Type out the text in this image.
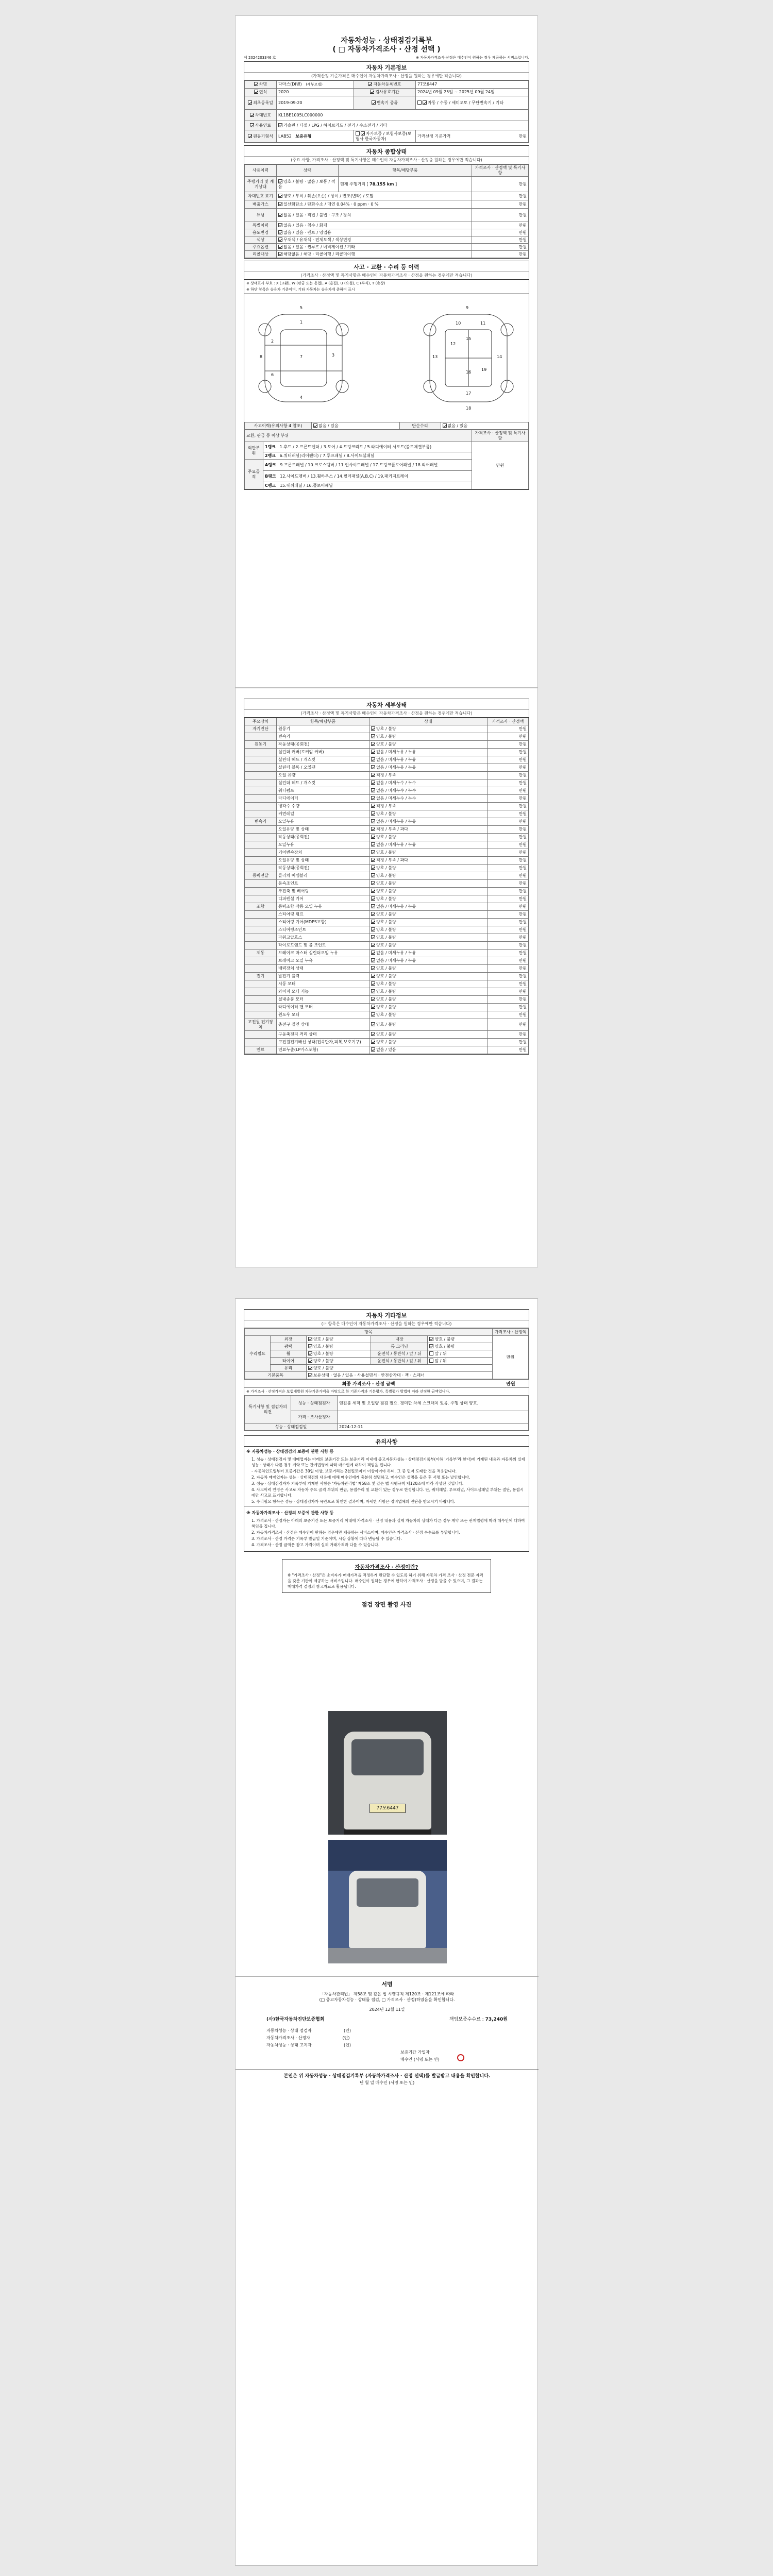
자동차성능 · 상태점검기록부
( □ 자동차가격조사 · 산정 선택 )
제 2024203346 호	※ 자동차가격조사·산정은 매수인이 원하는 경우 제공하는 서비스입니다.
자동차 기본정보
(가격산정 기준가격은 매수인이 자동차가격조사 · 산정을 원하는 경우에만 적습니다)
차명	다마스(DI밴) (세부모델)	자동차등록번호	77모6447
연식	2020	검사유효기간	2024년 09월 25일 ~ 2025년 09월 24일
최초등록일	2019-09-20	변속기 종류	자동 / 수동 / 세미오토 / 무단변속기 / 기타
차대번호	KL1BE1005LC000000		
사용연료	가솔린 / 디젤 / LPG / 하이브리드 / 전기 / 수소전기 / 기타		
원동기형식	LAB52 보증유형	자가보증 / 보험사보증(보험사 한국자동차)	가격산정 기준가격 만원
자동차 종합상태
(주요 사항, 가격조사 · 산정액 및 특기사항은 매수인이 자동차가격조사 · 산정을 원하는 경우에만 적습니다)
사용이력	상태	항목/해당부품	가격조사 · 산정액 및 특기사항
주행거리 및 계기상태	양호 / 불량 · 많음 / 보통 / 적음	현재 주행거리 [ 78,155 km ]	만원
차대번호 표기	양호 / 부식 / 훼손(오손) / 상이 / 변조(변타) / 도말		만원
배출가스	일산화탄소 / 탄화수소 / 매연 0.04% · 0 ppm · 0 %		만원
튜닝	없음 / 있음 · 적법 / 불법 · 구조 / 장치		만원
특별이력	없음 / 있음 · 침수 / 화재		만원
용도변경	없음 / 있음 · 렌트 / 영업용		만원
색상	무채색 / 유채색 · 전체도색 / 색상변경		만원
주요옵션	없음 / 있음 · 썬루프 / 네비게이션 / 기타		만원
리콜대상	해당없음 / 해당 · 리콜이행 / 리콜미이행		만원
사고 · 교환 · 수리 등 이력
(가격조사 · 산정액 및 특기사항은 매수인이 자동차가격조사 · 산정을 원하는 경우에만 적습니다)
※ 상태표시 부호 : X (교환), W (판금 또는 용접), A (흠집), U (요철), C (부식), T (손상)
※ 하단 항목은 승용차 기준이며, 기타 자동차는 승용차에 준하여 표시
1
2
3
4
5
6
7
8
9
10	11
12
13	14
15
16
17
18
19
사고이력(유의사항 4 참조)	없음 / 있음	단순수리	없음 / 있음
교환, 판금 등 이상 부위		가격조사 · 산정액 및 특기사항
외판부위	1랭크 1.후드 / 2.프론트펜더 / 3.도어 / 4.트렁크리드 / 5.라디에이터 서포트(볼트체결부품)	만원
	2랭크 6.쿼터패널(리어펜더) / 7.루프패널 / 8.사이드실패널	
주요골격	A랭크 9.프론트패널 / 10.크로스멤버 / 11.인사이드패널 / 17.트렁크플로어패널 / 18.리어패널	
	B랭크 12.사이드멤버 / 13.휠하우스 / 14.필러패널(A,B,C) / 19.패키지트레이	
	C랭크 15.대쉬패널 / 16.플로어패널	
자동차 세부상태
(가격조사 · 산정액 및 특기사항은 매수인이 자동차가격조사 · 산정을 원하는 경우에만 적습니다)
주요장치	항목/해당부품	상태	가격조사 · 산정액
자기진단	원동기	양호 / 불량	만원
	변속기	양호 / 불량	만원
원동기	작동상태(공회전)	양호 / 불량	만원
	실린더 커버(로커암 커버)	없음 / 미세누유 / 누유	만원
	실린더 헤드 / 개스킷	없음 / 미세누유 / 누유	만원
	실린더 블록 / 오일팬	없음 / 미세누유 / 누유	만원
	오일 유량	적정 / 부족	만원
	실린더 헤드 / 개스킷	없음 / 미세누수 / 누수	만원
	워터펌프	없음 / 미세누수 / 누수	만원
	라디에이터	없음 / 미세누수 / 누수	만원
	냉각수 수량	적정 / 부족	만원
	커먼레일	양호 / 불량	만원
변속기	오일누유	없음 / 미세누유 / 누유	만원
	오일유량 및 상태	적정 / 부족 / 과다	만원
	작동상태(공회전)	양호 / 불량	만원
	오일누유	없음 / 미세누유 / 누유	만원
	기어변속장치	양호 / 불량	만원
	오일유량 및 상태	적정 / 부족 / 과다	만원
	작동상태(공회전)	양호 / 불량	만원
동력전달	클러치 어셈블리	양호 / 불량	만원
	등속조인트	양호 / 불량	만원
	추진축 및 베어링	양호 / 불량	만원
	디퍼렌셜 기어	양호 / 불량	만원
조향	동력조향 작동 오일 누유	없음 / 미세누유 / 누유	만원
	스티어링 펌프	양호 / 불량	만원
	스티어링 기어(MDPS포함)	양호 / 불량	만원
	스티어링조인트	양호 / 불량	만원
	파워고압호스	양호 / 불량	만원
	타이로드엔드 및 볼 조인트	양호 / 불량	만원
제동	브레이크 마스터 실린더오일 누유	없음 / 미세누유 / 누유	만원
	브레이크 오일 누유	없음 / 미세누유 / 누유	만원
	배력장치 상태	양호 / 불량	만원
전기	발전기 출력	양호 / 불량	만원
	시동 모터	양호 / 불량	만원
	와이퍼 모터 기능	양호 / 불량	만원
	실내송풍 모터	양호 / 불량	만원
	라디에이터 팬 모터	양호 / 불량	만원
	윈도우 모터	양호 / 불량	만원
고전원 전기장치	충전구 절연 상태	양호 / 불량	만원
	구동축전지 격리 상태	양호 / 불량	만원
	고전원전기배선 상태(접속단자,피복,보호기구)	양호 / 불량	만원
연료	연료누출(LP가스포함)	없음 / 있음	만원
자동차 기타정보
(☞ 항목은 매수인이 자동차가격조사 · 산정을 원하는 경우에만 적습니다)
항목					가격조사 · 산정액
수리필요	외장	양호 / 불량	내장	양호 / 불량	만원
	광택	양호 / 불량	룸 크리닝	양호 / 불량	
	휠	양호 / 불량	운전석 / 동반석 / 앞 / 뒤	앞 / 뒤	
	타이어	양호 / 불량	운전석 / 동반석 / 앞 / 뒤	앞 / 뒤	
	유리	양호 / 불량			
기본품목		보유상태 · 없음 / 있음 · 사용설명서 · 안전삼각대 · 잭 · 스패너			
최종 가격조사 · 산정 금액	만원
※ 가격조사 · 산정가격은 보험개발원 차량기준가액을 바탕으로 한 기준가격과 기본평가, 특별평가 방법에 따라 산정한 금액입니다.
특기사항 및 점검자의 의견	성능 · 상태점검자	엔진룸 세척 및 오일량 점검 필요. 경미한 차체 스크래치 있음. 주행 상태 양호.
	가격 · 조사산정자	
성능 · 상태점검일		2024-12-11
유의사항
※ 자동차성능 · 상태점검의 보증에 관한 사항 등

1. 성능 · 상태점검자 및 매매업자는 아래의 보증기간 또는 보증거리 이내에 중고자동차성능 · 상태점검기록부(이하 '기록부'라 한다)에 기재된 내용과 자동차의 실제 성능 · 상태가 다른 경우 계약 또는 관계법령에 따라 매수인에 대하여 책임을 집니다.

- 자동차인도일부터 보증기간은 30일 이상, 보증거리는 2천킬로미터 이상이어야 하며, 그 중 먼저 도래한 것을 적용합니다.

2. 자동차 매매업자는 성능 · 상태점검의 내용에 대해 매수인에게 충분히 설명하고, 매수인은 설명을 들은 후 서명 또는 날인합니다.

3. 성능 · 상태점검자가 기록부에 기재한 사항은 '자동차관리법' 제58조 및 같은 법 시행규칙 제120조에 따라 작성된 것입니다.

4. 사고이력 인정은 사고로 자동차 주요 골격 부위의 판금, 용접수리 및 교환이 있는 경우로 한정합니다. 단, 쿼터패널, 루프패널, 사이드실패널 부위는 절단, 용접시에만 사고로 표기합니다.

5. 수리필요 항목은 성능 · 상태점검자가 육안으로 확인한 결과이며, 자세한 사항은 정비업체의 진단을 받으시기 바랍니다.

※ 자동차가격조사 · 산정의 보증에 관한 사항 등

1. 가격조사 · 산정자는 아래의 보증기간 또는 보증거리 이내에 가격조사 · 산정 내용과 실제 자동차의 상태가 다른 경우 계약 또는 관계법령에 따라 매수인에 대하여 책임을 집니다.

2. 자동차가격조사 · 산정은 매수인이 원하는 경우에만 제공하는 서비스이며, 매수인은 가격조사 · 산정 수수료를 부담합니다.

3. 가격조사 · 산정 가격은 기록부 발급일 기준이며, 시장 상황에 따라 변동될 수 있습니다.

4. 가격조사 · 산정 금액은 참고 가격이며 실제 거래가격과 다를 수 있습니다.

자동차가격조사 · 산정이란?
※ "가격조사 · 산정"은 소비자가 매매가격을 적정하게 판단할 수 있도록 하기 위해 자동차 가격 조사 · 산정 전문 자격을 갖춘 기관이 제공하는 서비스입니다. 매수인이 원하는 경우에 한하여 가격조사 · 산정을 받을 수 있으며, 그 결과는 매매가격 결정의 참고자료로 활용됩니다.
점검 장면 촬영 사진
77모6447
서명
「자동차관리법」 제58조 및 같은 법 시행규칙 제120조 · 제121조에 따라
(□ 중고자동차성능 · 상태를 점검, □ 가격조사 · 산정)하였음을 확인합니다.
2024년 12월 11일
(사)한국자동차진단보증협회	책임보증수수료 : 73,240원
자동차성능 · 상태 점검자	(인)
자동차가격조사 · 산정자	(인)
자동차성능 · 상태 고지자	(인)
보증기간 가입자
매수인 (서명 또는 인)
본인은 위 자동차성능 · 상태점검기록부 (자동차가격조사 · 산정 선택)를 발급받고 내용을 확인합니다.
년 월 일 매수인 (서명 또는 인)
